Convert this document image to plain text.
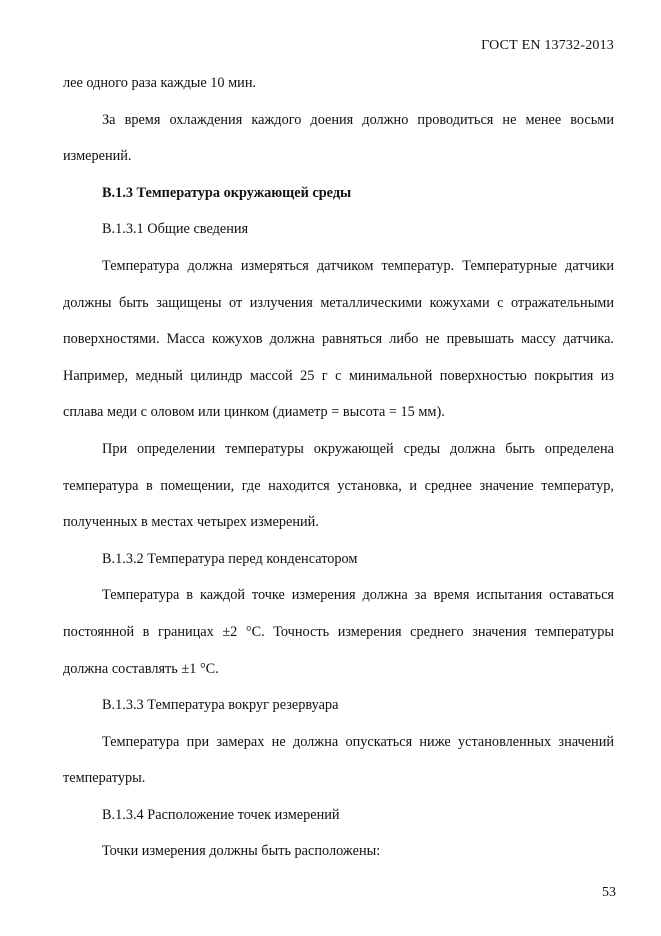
ГОСТ EN 13732-2013

лее одного раза каждые 10 мин.

За время охлаждения каждого доения должно проводиться не менее восьми измерений.

В.1.3 Температура окружающей среды

В.1.3.1 Общие сведения

Температура должна измеряться датчиком температур. Температурные датчики должны быть защищены от излучения металлическими кожухами с отражательными поверхностями. Масса кожухов должна равняться либо не превышать массу датчика. Например, медный цилиндр массой 25 г с минимальной поверхностью покрытия из сплава меди с оловом или цинком (диаметр = высота = 15 мм).

При определении температуры окружающей среды должна быть определена температура в помещении, где находится установка, и среднее значение температур, полученных в местах четырех измерений.

В.1.3.2 Температура перед конденсатором

Температура в каждой точке измерения должна за время испытания оставаться постоянной в границах ±2 °С. Точность измерения среднего значения температуры должна составлять ±1 °С.

В.1.3.3 Температура вокруг резервуара

Температура при замерах не должна опускаться ниже установленных значений температуры.

В.1.3.4 Расположение точек измерений

Точки измерения должны быть расположены:

53
